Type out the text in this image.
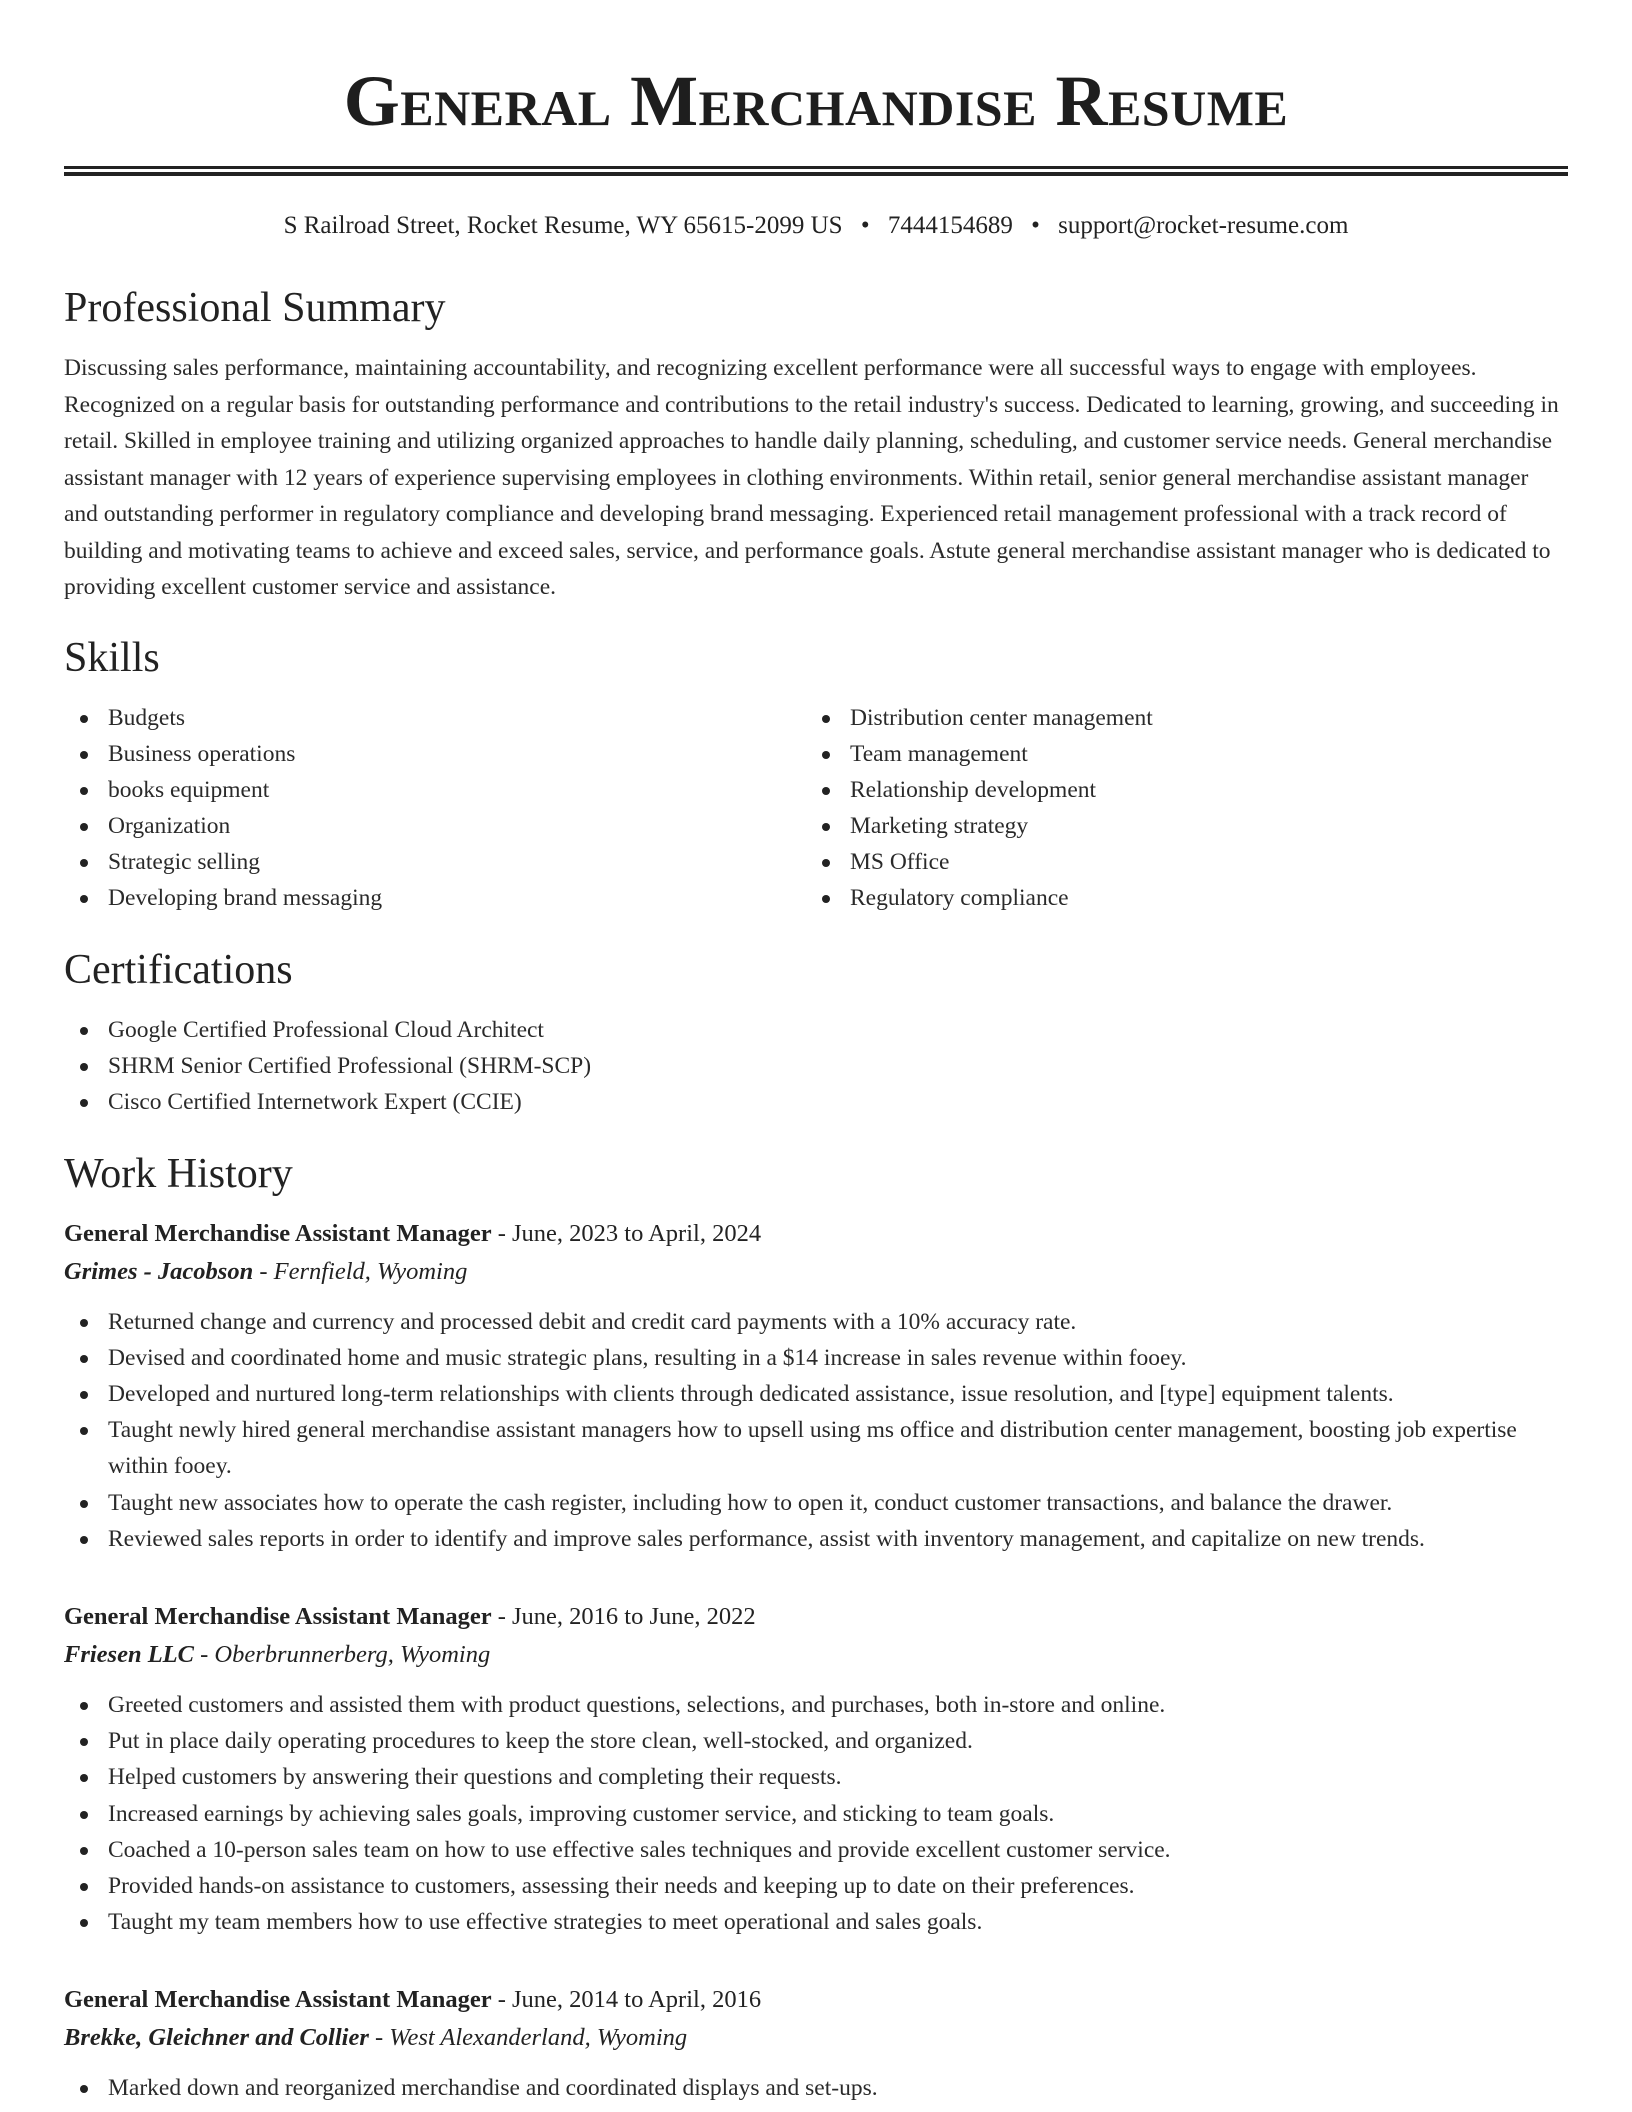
General Merchandise Resume
S Railroad Street, Rocket Resume, WY 65615-2099 US • 7444154689 • support@rocket-resume.com
Professional Summary

Discussing sales performance, maintaining accountability, and recognizing excellent performance were all successful ways to engage with employees. Recognized on a regular basis for outstanding performance and contributions to the retail industry's success. Dedicated to learning, growing, and succeeding in retail. Skilled in employee training and utilizing organized approaches to handle daily planning, scheduling, and customer service needs. General merchandise assistant manager with 12 years of experience supervising employees in clothing environments. Within retail, senior general merchandise assistant manager and outstanding performer in regulatory compliance and developing brand messaging. Experienced retail management professional with a track record of building and motivating teams to achieve and exceed sales, service, and performance goals. Astute general merchandise assistant manager who is dedicated to providing excellent customer service and assistance.

Skills
Budgets
Business operations
books equipment
Organization
Strategic selling
Developing brand messaging
Distribution center management
Team management
Relationship development
Marketing strategy
MS Office
Regulatory compliance
Certifications
Google Certified Professional Cloud Architect
SHRM Senior Certified Professional (SHRM-SCP)
Cisco Certified Internetwork Expert (CCIE)
Work History
General Merchandise Assistant Manager - June, 2023 to April, 2024
Grimes - Jacobson - Fernfield, Wyoming
Returned change and currency and processed debit and credit card payments with a 10% accuracy rate.
Devised and coordinated home and music strategic plans, resulting in a $14 increase in sales revenue within fooey.
Developed and nurtured long-term relationships with clients through dedicated assistance, issue resolution, and [type] equipment talents.
Taught newly hired general merchandise assistant managers how to upsell using ms office and distribution center management, boosting job expertise within fooey.
Taught new associates how to operate the cash register, including how to open it, conduct customer transactions, and balance the drawer.
Reviewed sales reports in order to identify and improve sales performance, assist with inventory management, and capitalize on new trends.
General Merchandise Assistant Manager - June, 2016 to June, 2022
Friesen LLC - Oberbrunnerberg, Wyoming
Greeted customers and assisted them with product questions, selections, and purchases, both in-store and online.
Put in place daily operating procedures to keep the store clean, well-stocked, and organized.
Helped customers by answering their questions and completing their requests.
Increased earnings by achieving sales goals, improving customer service, and sticking to team goals.
Coached a 10-person sales team on how to use effective sales techniques and provide excellent customer service.
Provided hands-on assistance to customers, assessing their needs and keeping up to date on their preferences.
Taught my team members how to use effective strategies to meet operational and sales goals.
General Merchandise Assistant Manager - June, 2014 to April, 2016
Brekke, Gleichner and Collier - West Alexanderland, Wyoming
Marked down and reorganized merchandise and coordinated displays and set-ups.
